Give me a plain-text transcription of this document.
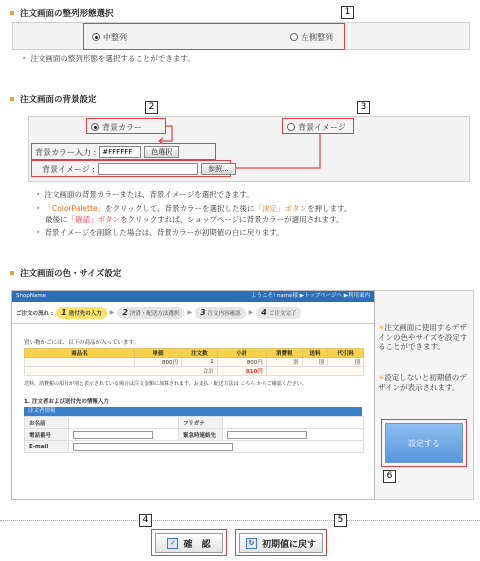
注文画面の整列形態選択	1
中整列	左側整列
• 注文画面の整列形態を選択することができます。
注文画面の背景設定
2	3
背景カラー	背景イメージ
背景カラー入力 : #FFFFFF	色選択
背景イメージ :	参照...
• 注文画面の背景カラーまたは、背景イメージを選択できます。
• 「ColorPalette」をクリックして、背景カラーを選択した後に「決定」ボタンを押します。
最後に「確認」ボタンをクリックすれば、ショップページに背景カラーが適用されます。
• 背景イメージを削除した場合は、背景カラーが初期値の白に戻ります。
注文画面の色・サイズ設定
ShopName	ようこそ! name様 ▶トップページへ ▶利用案内
ご注文の流れ : 1 送付先の入力 ▶ 2 決済・配送方法選択 ▶ 3 注文内容確認 ▶ 4 ご注文完了
買い物かごには、以下の商品が入っています。
商品名	単価	注文数	小計	消費税	送料	代引料
	800円	1	800円	別	別	別
合計			810円			
送料、消費税の項目が別と表示されている場合は注文金額に加算されます。お支払・配送方法は こちら からご確認ください。
1. 注文者および送付先の情報入力
注文者情報
お名前		フリガナ	
電話番号		緊急時連絡先	
E-mail			
✳注文画面に使用するデザインの色やサイズを設定することができます。
✳設定しないと初期値のデザインが表示されます。
設定する
6
4	5
✓ 確　認	↻ 初期値に戻す
